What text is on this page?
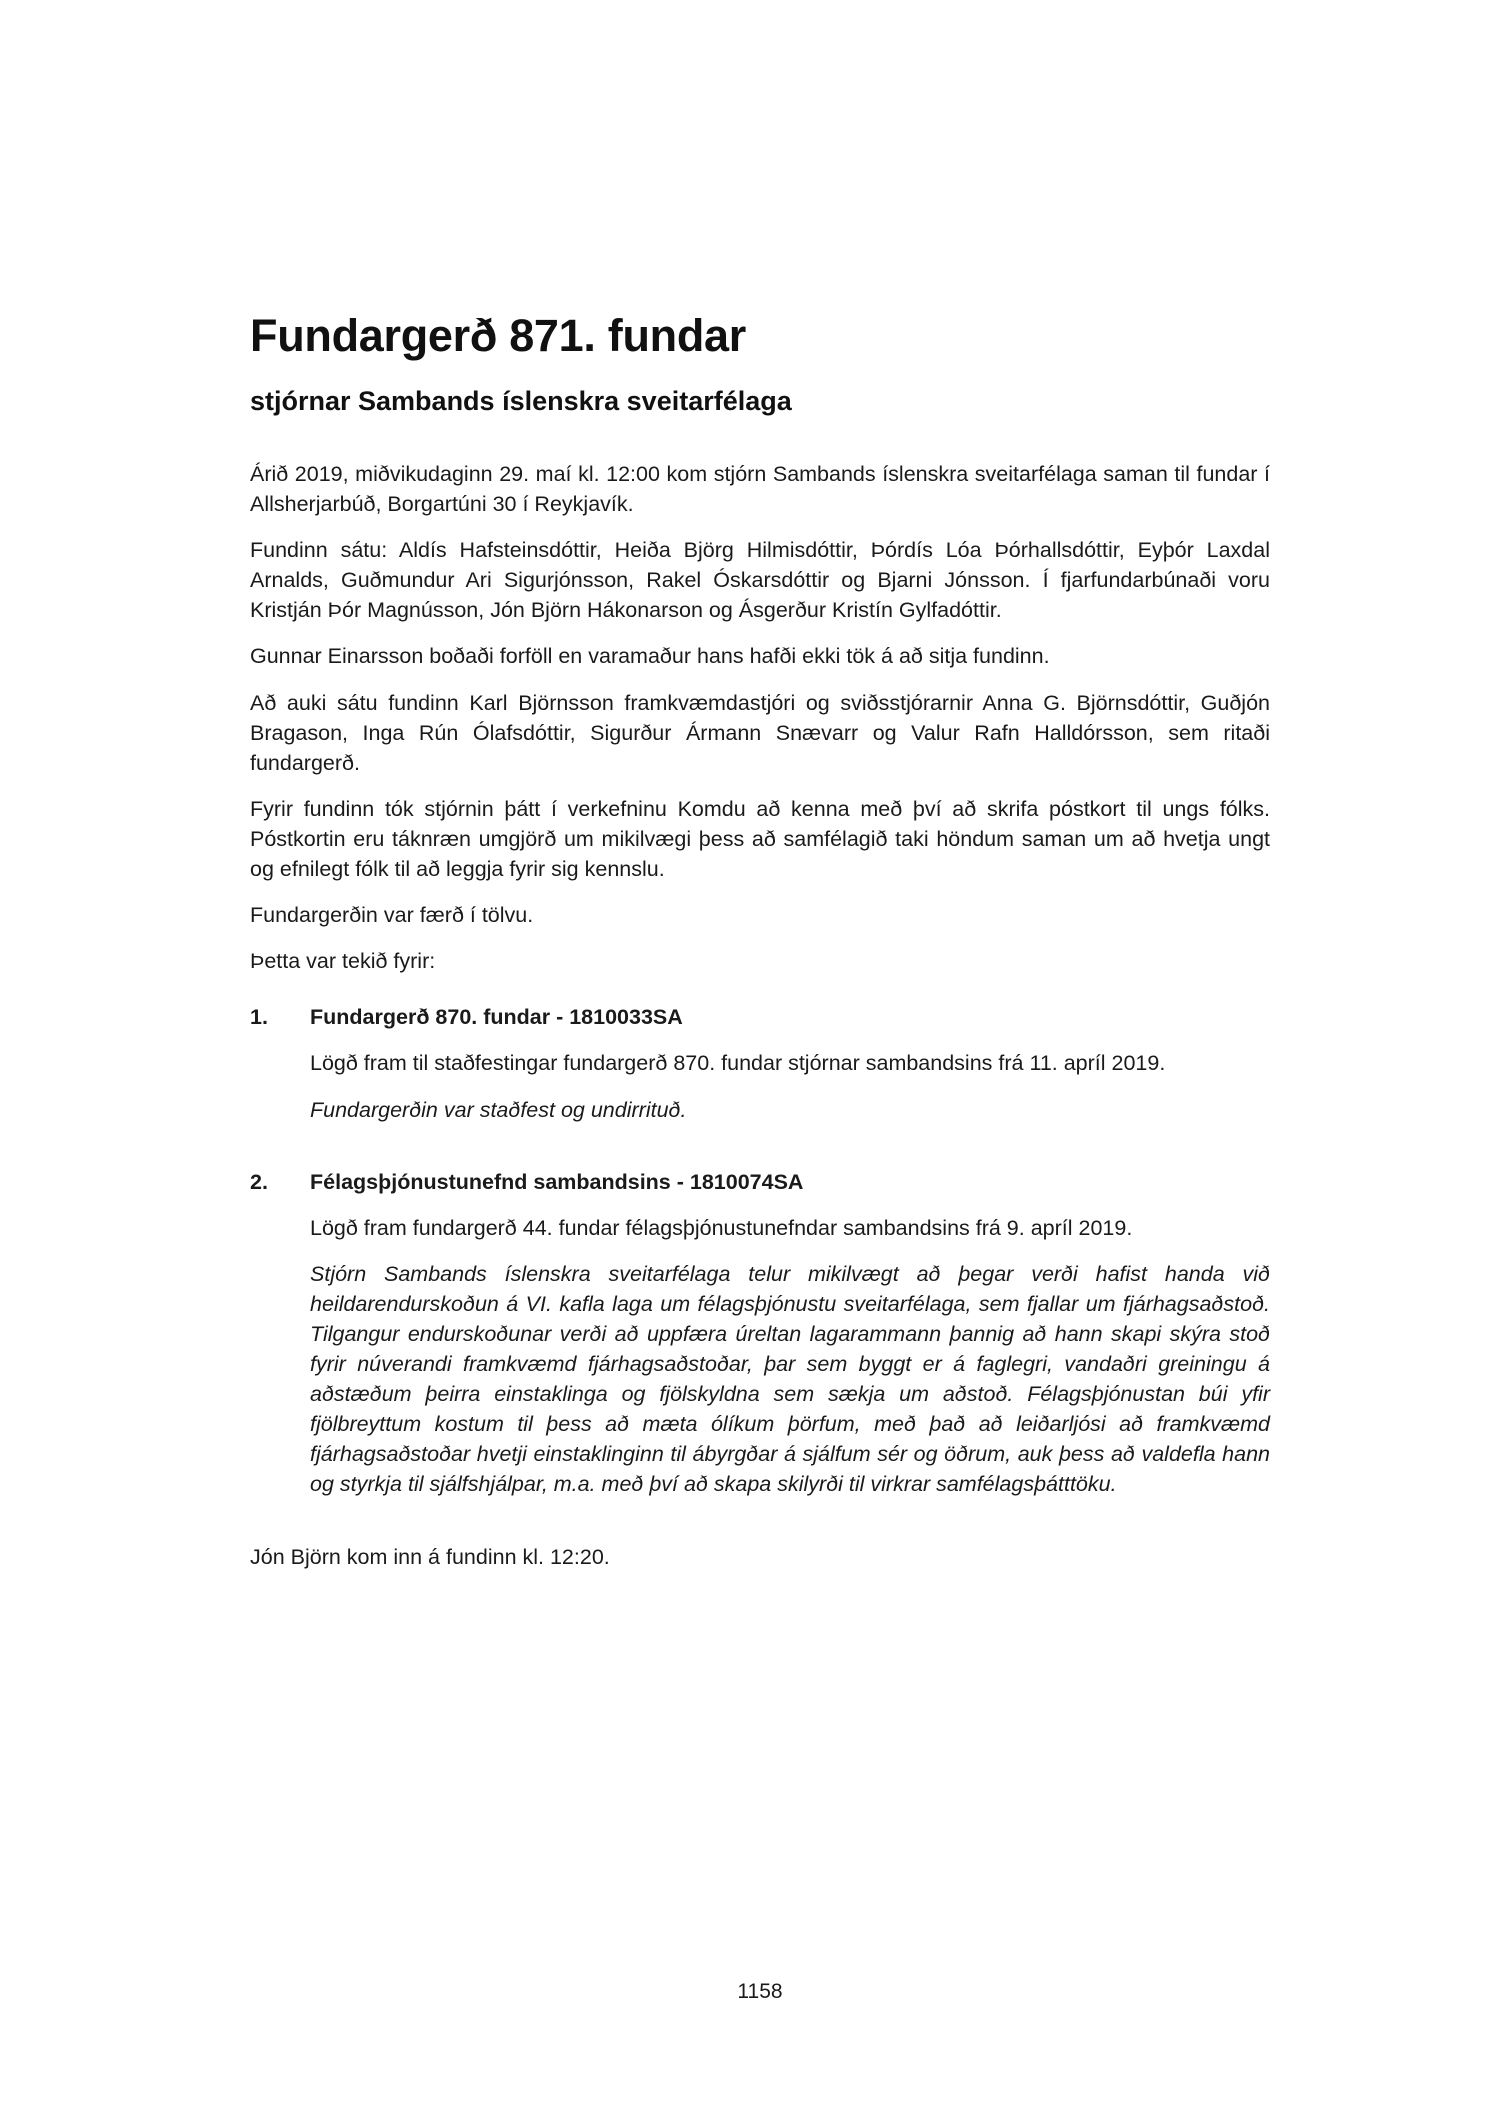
Fundargerð 871. fundar
stjórnar Sambands íslenskra sveitarfélaga

Árið 2019, miðvikudaginn 29. maí kl. 12:00 kom stjórn Sambands íslenskra sveitarfélaga saman til fundar í Allsherjarbúð, Borgartúni 30 í Reykjavík.

Fundinn sátu: Aldís Hafsteinsdóttir, Heiða Björg Hilmisdóttir, Þórdís Lóa Þórhallsdóttir, Eyþór Laxdal Arnalds, Guðmundur Ari Sigurjónsson, Rakel Óskarsdóttir og Bjarni Jónsson. Í fjarfundarbúnaði voru Kristján Þór Magnússon, Jón Björn Hákonarson og Ásgerður Kristín Gylfadóttir.

Gunnar Einarsson boðaði forföll en varamaður hans hafði ekki tök á að sitja fundinn.

Að auki sátu fundinn Karl Björnsson framkvæmdastjóri og sviðsstjórarnir Anna G. Björnsdóttir, Guðjón Bragason, Inga Rún Ólafsdóttir, Sigurður Ármann Snævarr og Valur Rafn Halldórsson, sem ritaði fundargerð.

Fyrir fundinn tók stjórnin þátt í verkefninu Komdu að kenna með því að skrifa póstkort til ungs fólks. Póstkortin eru táknræn umgjörð um mikilvægi þess að samfélagið taki höndum saman um að hvetja ungt og efnilegt fólk til að leggja fyrir sig kennslu.

Fundargerðin var færð í tölvu.

Þetta var tekið fyrir:

1.	Fundargerð 870. fundar - 1810033SA

Lögð fram til staðfestingar fundargerð 870. fundar stjórnar sambandsins frá 11. apríl 2019.

Fundargerðin var staðfest og undirrituð.

2.	Félagsþjónustunefnd sambandsins - 1810074SA

Lögð fram fundargerð 44. fundar félagsþjónustunefndar sambandsins frá 9. apríl 2019.

Stjórn Sambands íslenskra sveitarfélaga telur mikilvægt að þegar verði hafist handa við heildarendurskoðun á VI. kafla laga um félagsþjónustu sveitarfélaga, sem fjallar um fjárhagsaðstoð. Tilgangur endurskoðunar verði að uppfæra úreltan lagarammann þannig að hann skapi skýra stoð fyrir núverandi framkvæmd fjárhagsaðstoðar, þar sem byggt er á faglegri, vandaðri greiningu á aðstæðum þeirra einstaklinga og fjölskyldna sem sækja um aðstoð. Félagsþjónustan búi yfir fjölbreyttum kostum til þess að mæta ólíkum þörfum, með það að leiðarljósi að framkvæmd fjárhagsaðstoðar hvetji einstaklinginn til ábyrgðar á sjálfum sér og öðrum, auk þess að valdefla hann og styrkja til sjálfshjálpar, m.a. með því að skapa skilyrði til virkrar samfélagsþátttöku.

Jón Björn kom inn á fundinn kl. 12:20.

1158
